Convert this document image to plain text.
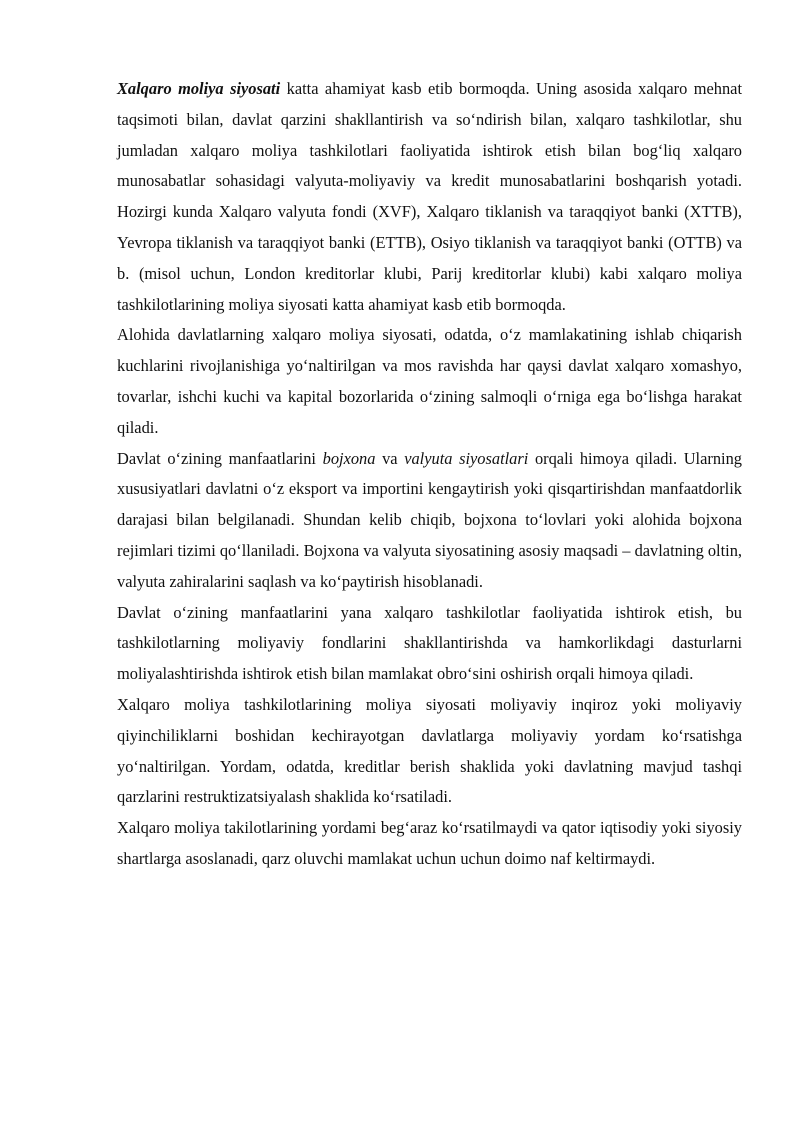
Xalqaro moliya siyosati katta ahamiyat kasb etib bormoqda. Uning asosida xalqaro mehnat taqsimoti bilan, davlat qarzini shakllantirish va so‘ndirish bilan, xalqaro tashkilotlar, shu jumladan xalqaro moliya tashkilotlari faoliyatida ishtirok etish bilan bog‘liq xalqaro munosabatlar sohasidagi valyuta-moliyaviy va kredit munosabatlarini boshqarish yotadi. Hozirgi kunda Xalqaro valyuta fondi (XVF), Xalqaro tiklanish va taraqqiyot banki (XTTB), Yevropa tiklanish va taraqqiyot banki (ETTB), Osiyo tiklanish va taraqqiyot banki (OTTB) va b. (misol uchun, London kreditorlar klubi, Parij kreditorlar klubi) kabi xalqaro moliya tashkilotlarining moliya siyosati katta ahamiyat kasb etib bormoqda.

Alohida davlatlarning xalqaro moliya siyosati, odatda, o‘z mamlakatining ishlab chiqarish kuchlarini rivojlanishiga yo‘naltirilgan va mos ravishda har qaysi davlat xalqaro xomashyo, tovarlar, ishchi kuchi va kapital bozorlarida o‘zining salmoqli o‘rniga ega bo‘lishga harakat qiladi.

Davlat o‘zining manfaatlarini bojxona va valyuta siyosatlari orqali himoya qiladi. Ularning xususiyatlari davlatni o‘z eksport va importini kengaytirish yoki qisqartirishdan manfaatdorlik darajasi bilan belgilanadi. Shundan kelib chiqib, bojxona to‘lovlari yoki alohida bojxona rejimlari tizimi qo‘llaniladi. Bojxona va valyuta siyosatining asosiy maqsadi – davlatning oltin, valyuta zahiralarini saqlash va ko‘paytirish hisoblanadi.

Davlat o‘zining manfaatlarini yana xalqaro tashkilotlar faoliyatida ishtirok etish, bu tashkilotlarning moliyaviy fondlarini shakllantirishda va hamkorlikdagi dasturlarni moliyalashtirishda ishtirok etish bilan mamlakat obro‘sini oshirish orqali himoya qiladi.

Xalqaro moliya tashkilotlarining moliya siyosati moliyaviy inqiroz yoki moliyaviy qiyinchiliklarni boshidan kechirayotgan davlatlarga moliyaviy yordam ko‘rsatishga yo‘naltirilgan. Yordam, odatda, kreditlar berish shaklida yoki davlatning mavjud tashqi qarzlarini restruktizatsiyalash shaklida ko‘rsatiladi.

Xalqaro moliya takilotlarining yordami beg‘araz ko‘rsatilmaydi va qator iqtisodiy yoki siyosiy shartlarga asoslanadi, qarz oluvchi mamlakat uchun uchun doimo naf keltirmaydi.
